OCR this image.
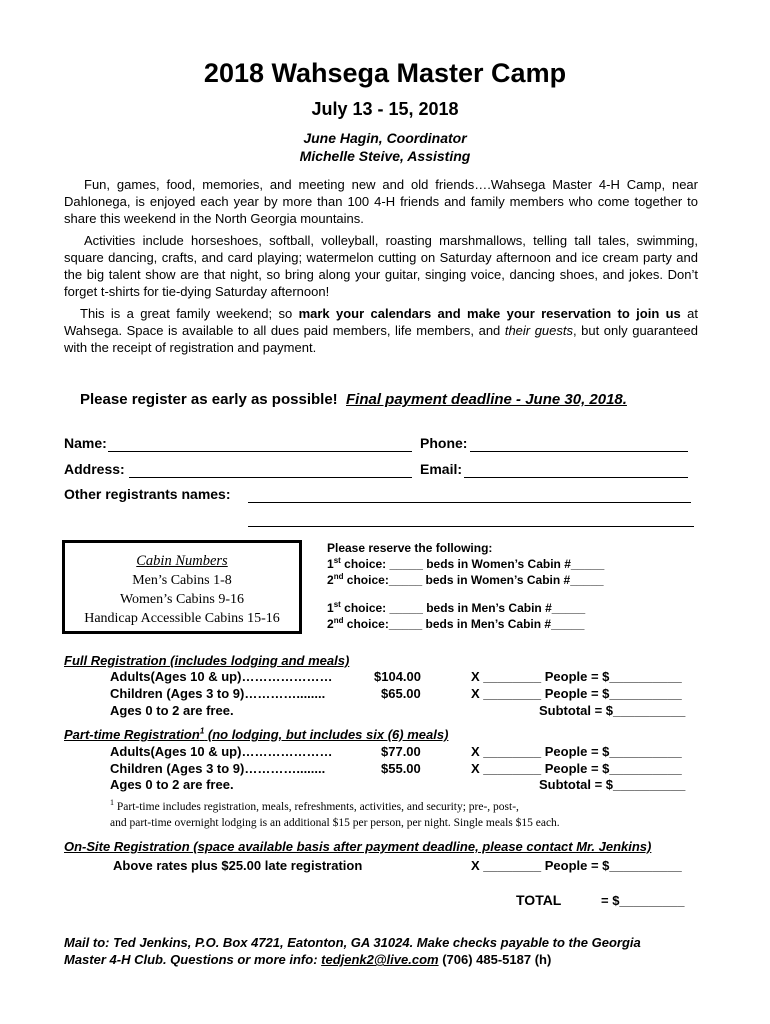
2018 Wahsega Master Camp
July 13 - 15, 2018
June Hagin, Coordinator
Michelle Steive, Assisting
Fun, games, food, memories, and meeting new and old friends….Wahsega Master 4-H Camp, near Dahlonega, is enjoyed each year by more than 100 4-H friends and family members who come together to share this weekend in the North Georgia mountains.
Activities include horseshoes, softball, volleyball, roasting marshmallows, telling tall tales, swimming, square dancing, crafts, and card playing; watermelon cutting on Saturday afternoon and ice cream party and the big talent show are that night, so bring along your guitar, singing voice, dancing shoes, and jokes. Don’t forget t-shirts for tie-dying Saturday afternoon!
This is a great family weekend; so mark your calendars and make your reservation to join us at Wahsega. Space is available to all dues paid members, life members, and their guests, but only guaranteed with the receipt of registration and payment.
Please register as early as possible! Final payment deadline - June 30, 2018.
Name:	Phone:
Address:	Email:
Other registrants names:
Cabin Numbers
Men’s Cabins 1-8
Women’s Cabins 9-16
Handicap Accessible Cabins 15-16
Please reserve the following:
1st choice: _____ beds in Women’s Cabin #_____
2nd choice:_____ beds in Women’s Cabin #_____
1st choice: _____ beds in Men’s Cabin #_____
2nd choice:_____ beds in Men’s Cabin #_____
Full Registration (includes lodging and meals)
Adults(Ages 10 & up)…………………	$104.00	X ________ People = $__________
Children (Ages 3 to 9)…………........	$65.00	X ________ People = $__________
Ages 0 to 2 are free.	Subtotal = $__________
Part-time Registration$^1$ (no lodging, but includes six (6) meals)
Adults(Ages 10 & up)…………………	$77.00	X ________ People = $__________
Children (Ages 3 to 9)…………........	$55.00	X ________ People = $__________
Ages 0 to 2 are free.	Subtotal = $__________
$^1$ Part-time includes registration, meals, refreshments, activities, and security; pre-, post-,
and part-time overnight lodging is an additional $15 per person, per night. Single meals $15 each.
On-Site Registration (space available basis after payment deadline, please contact Mr. Jenkins)
Above rates plus $25.00 late registration	X ________ People = $__________
TOTAL	= $_________
Mail to: Ted Jenkins, P.O. Box 4721, Eatonton, GA 31024. Make checks payable to the Georgia
Master 4-H Club. Questions or more info: tedjenk2@live.com (706) 485-5187 (h)
